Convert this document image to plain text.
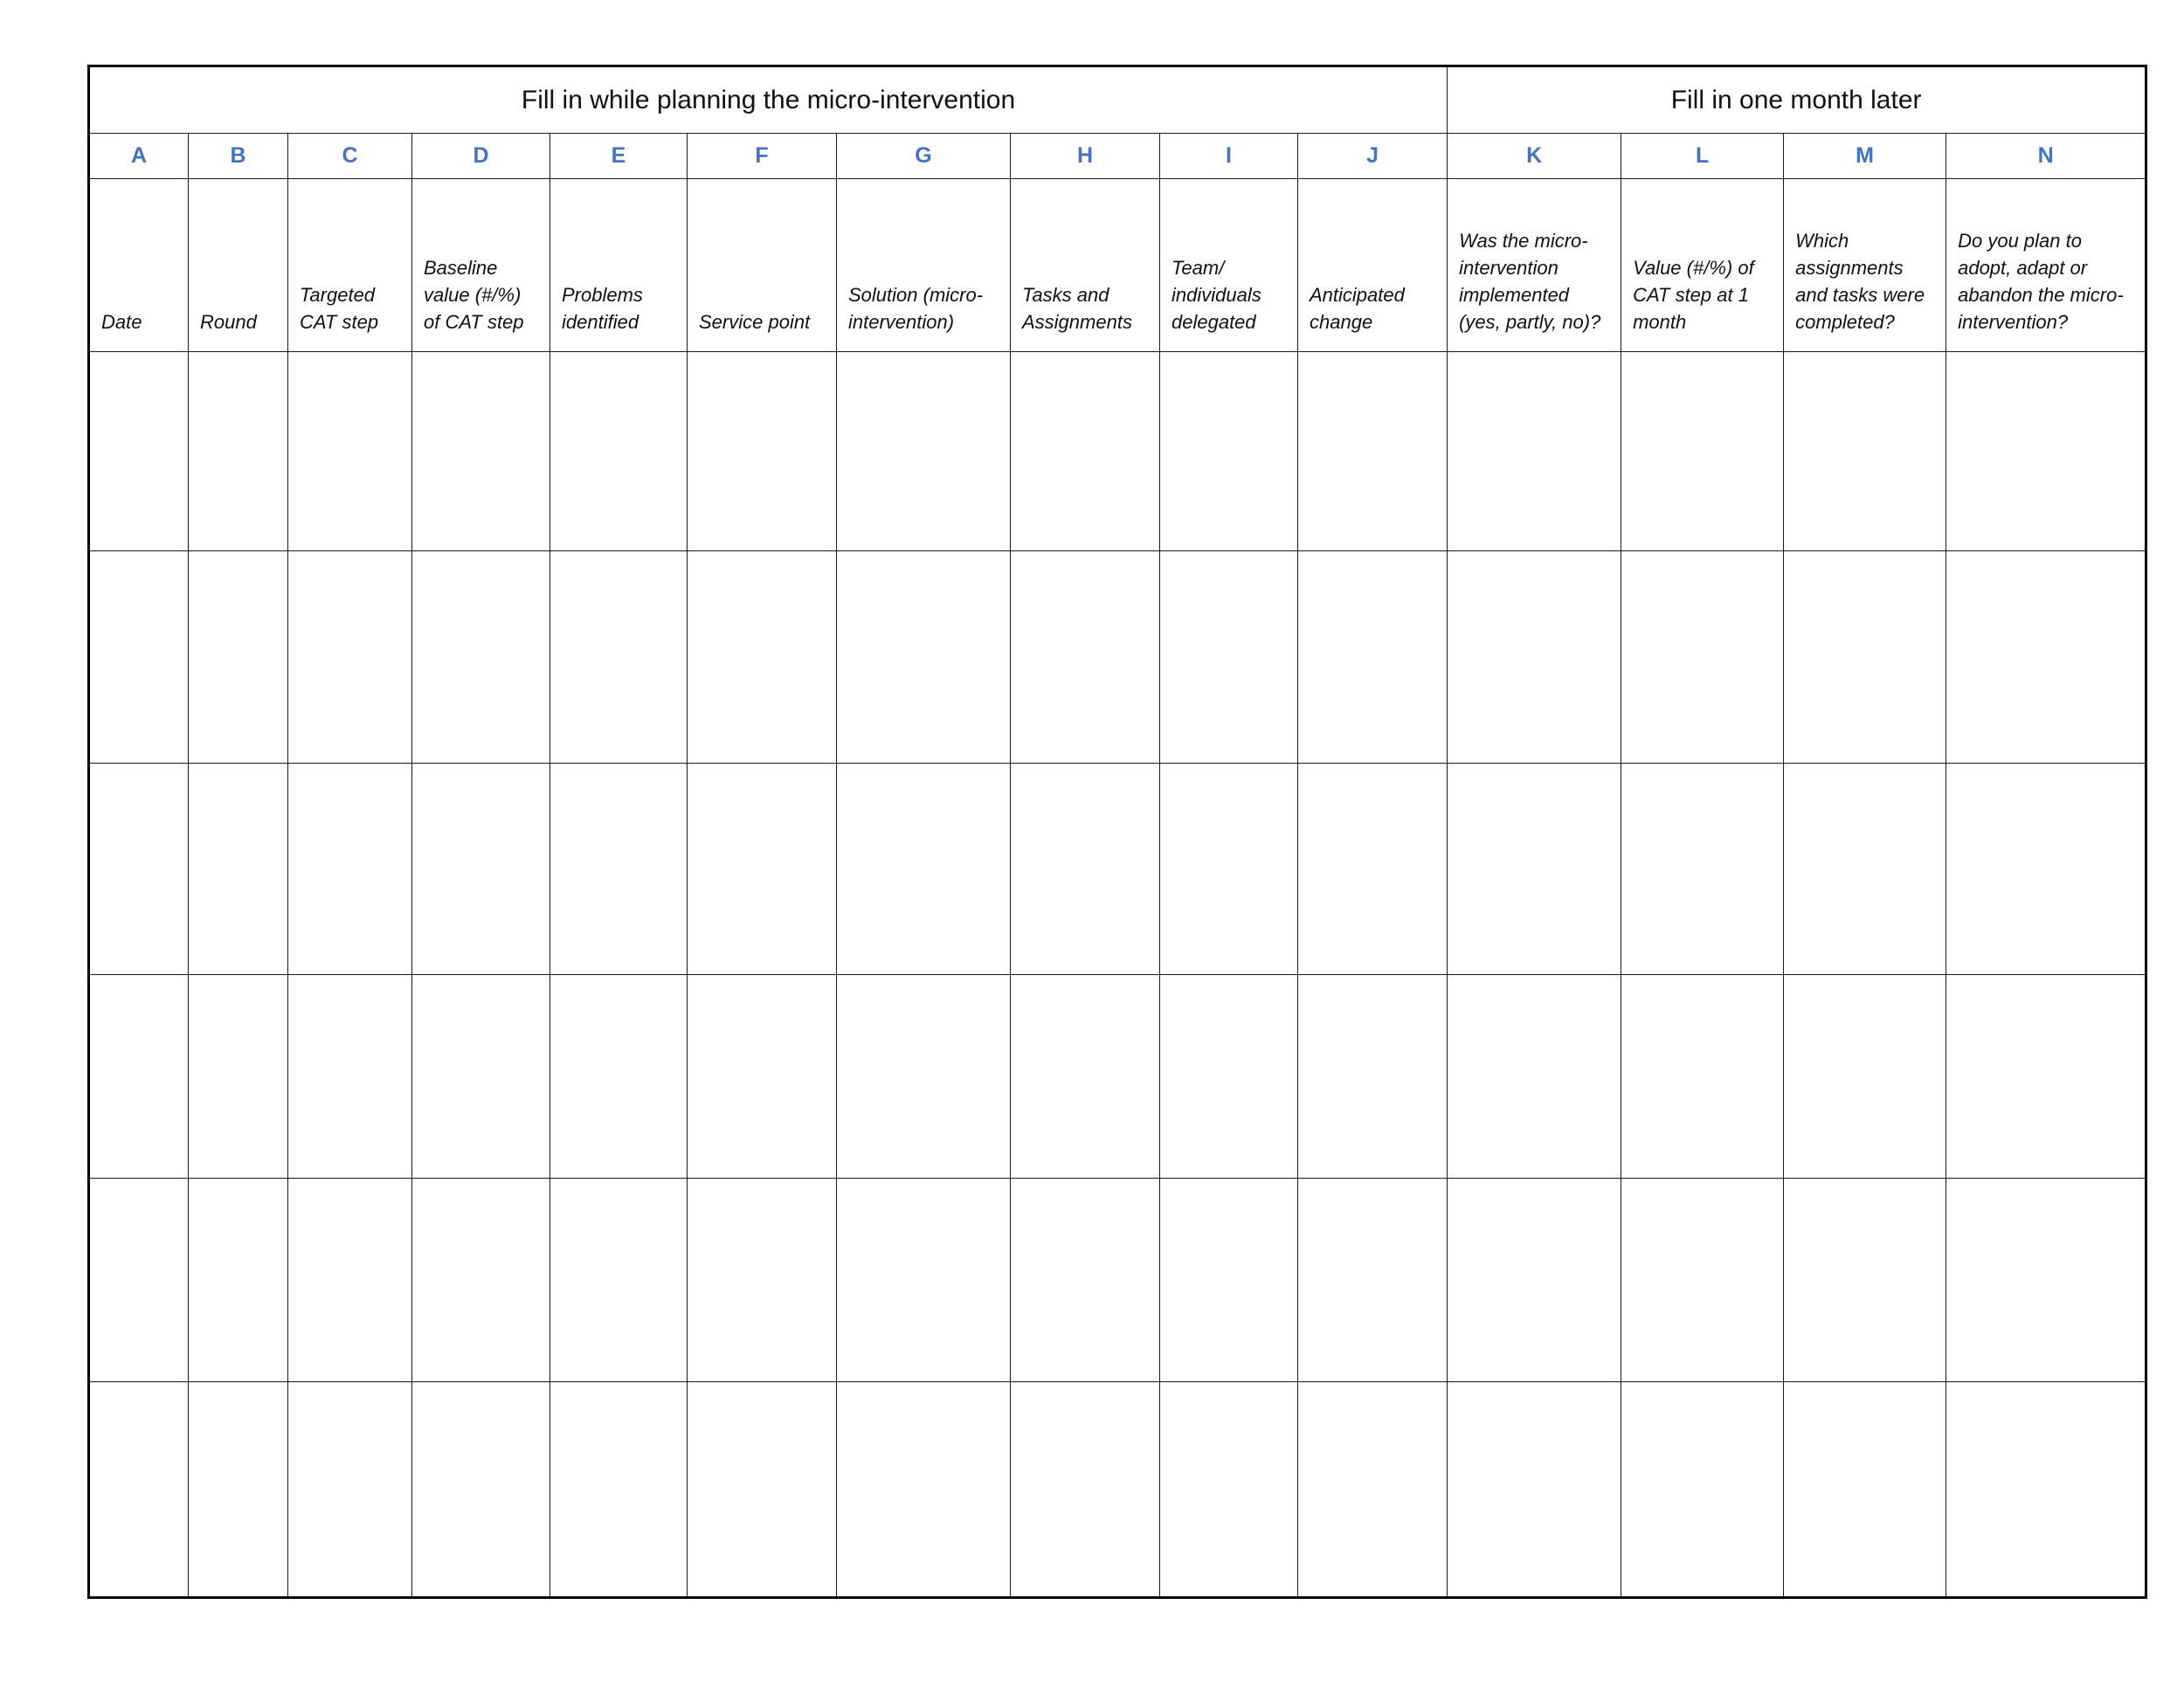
Fill in while planning the micro-intervention										Fill in one month later			
A	B	C	D	E	F	G	H	I	J	K	L	M	N
Date	Round	Targeted CAT step	Baseline value (#/%) of CAT step	Problems identified	Service point	Solution (micro-intervention)	Tasks and Assignments	Team/ individuals delegated	Anticipated change	Was the micro-intervention implemented (yes, partly, no)?	Value (#/%) of CAT step at 1 month	Which assignments and tasks were completed?	Do you plan to adopt, adapt or abandon the micro-intervention?
